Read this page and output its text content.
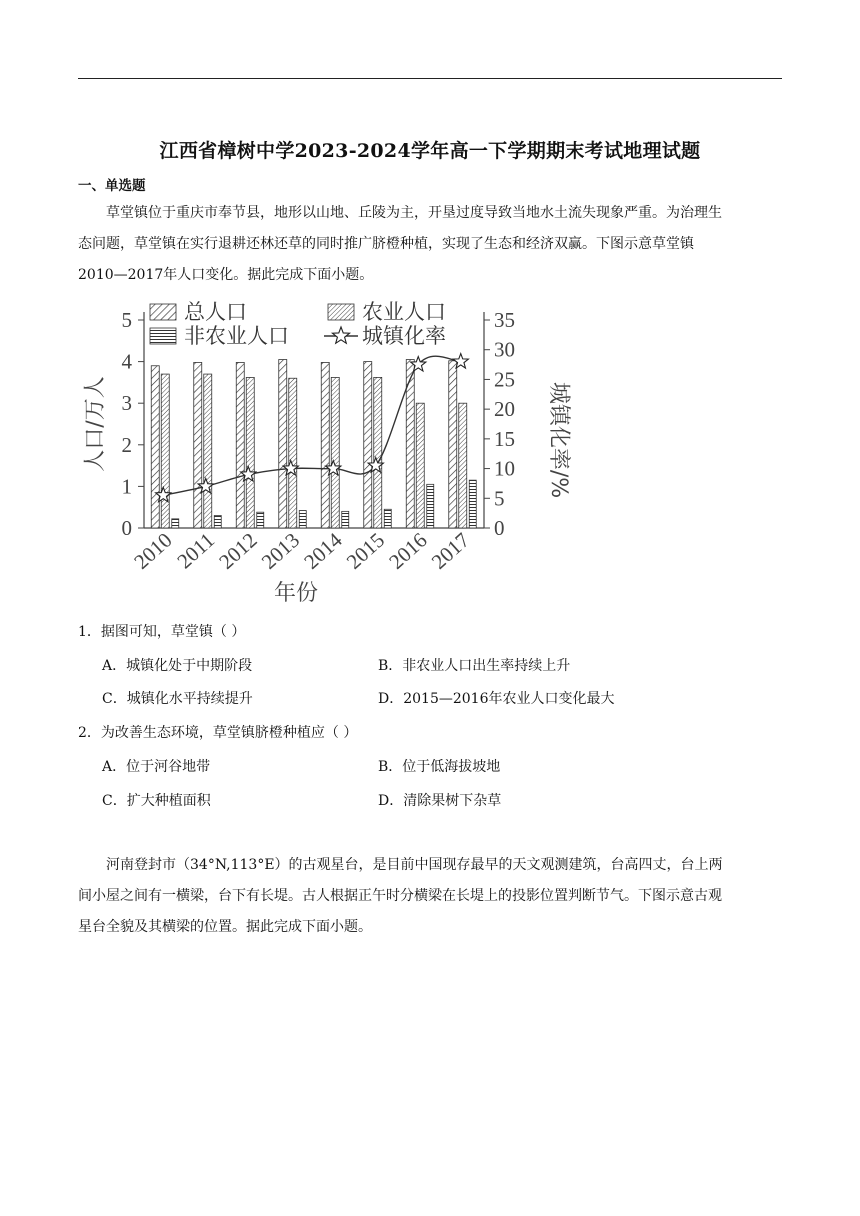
江西省樟树中学2023-2024学年高一下学期期末考试地理试题
一、单选题
草堂镇位于重庆市奉节县，地形以山地、丘陵为主，开垦过度导致当地水土流失现象严重。为治理生
态问题，草堂镇在实行退耕还林还草的同时推广脐橙种植，实现了生态和经济双赢。下图示意草堂镇
2010—2017年人口变化。据此完成下面小题。
总人口	农业人口
非农业人口	城镇化率
0
1
2
3
4
5
0
5
10
15
20
25
30
35
2010
2011
2012
2013
2014
2015
2016
2017
年份
人口/万人	城镇化率/%
1．据图可知，草堂镇（ ）
A．城镇化处于中期阶段	B．非农业人口出生率持续上升
C．城镇化水平持续提升	D．2015—2016年农业人口变化最大
2．为改善生态环境，草堂镇脐橙种植应（ ）
A．位于河谷地带	B．位于低海拔坡地
C．扩大种植面积	D．清除果树下杂草
河南登封市（34°N,113°E）的古观星台，是目前中国现存最早的天文观测建筑，台高四丈，台上两
间小屋之间有一横梁，台下有长堤。古人根据正午时分横梁在长堤上的投影位置判断节气。下图示意古观
星台全貌及其横梁的位置。据此完成下面小题。
